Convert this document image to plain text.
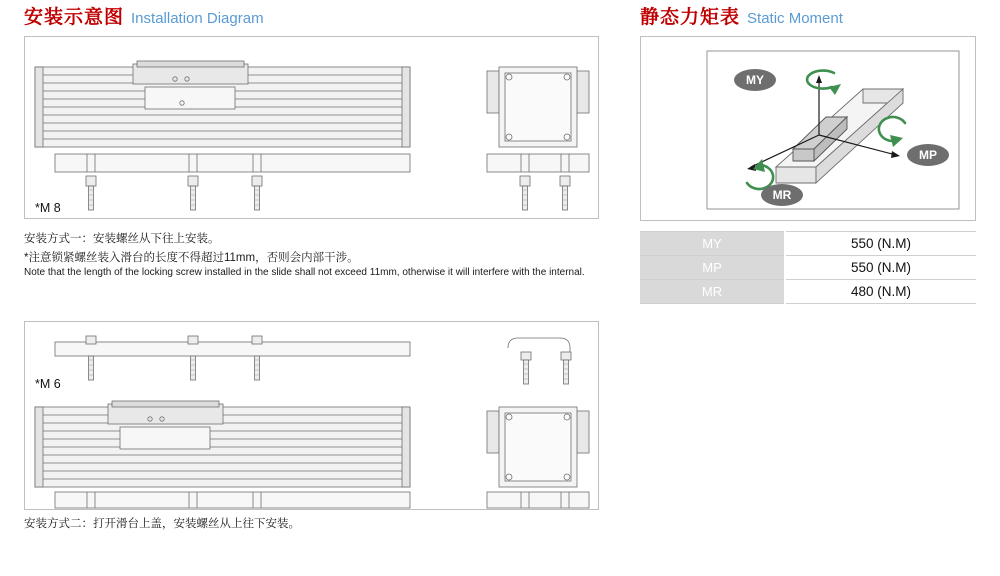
安装示意图 Installation Diagram	静态力矩表 Static Moment
*M 8
安装方式一：安装螺丝从下往上安装。
*注意锁紧螺丝装入滑台的长度不得超过11mm，否则会内部干涉。
Note that the length of the locking screw installed in the slide shall not exceed 11mm, otherwise it will interfere with the internal.
*M 6
安装方式二：打开滑台上盖，安装螺丝从上往下安装。
MY
MP
MR
MY	550 (N.M)
MP	550 (N.M)
MR	480 (N.M)
